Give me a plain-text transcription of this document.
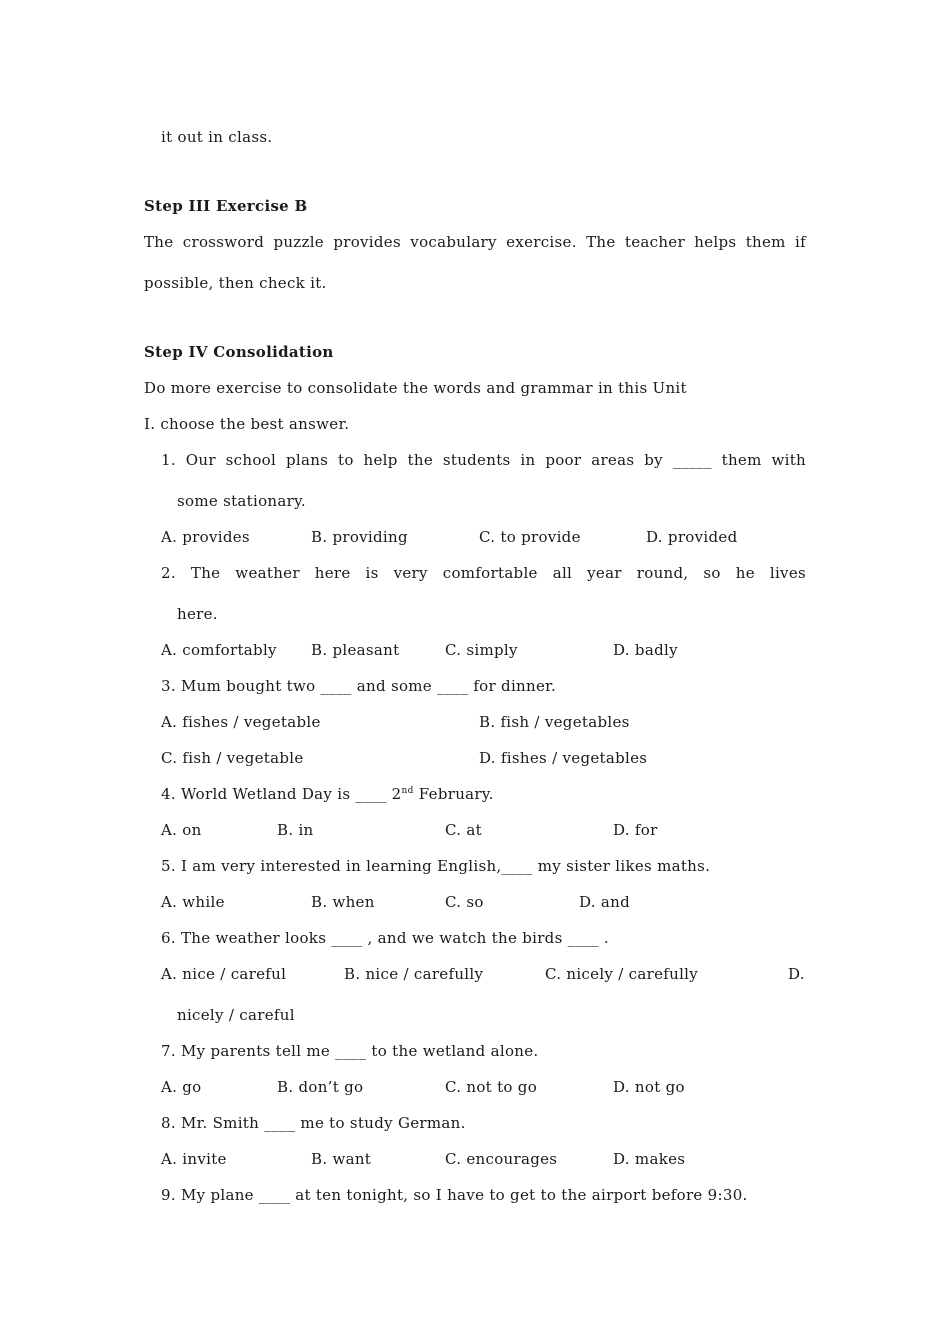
it out in class.
Step III Exercise B
The crossword puzzle provides vocabulary exercise. The teacher helps them if
possible, then check it.
Step IV Consolidation
Do more exercise to consolidate the words and grammar in this Unit
I. choose the best answer.
1. Our school plans to help the students in poor areas by _____ them with
some stationary.

A. provides

	B. providing

	C. to provide

	D. provided

2. The weather here is very comfortable all year round, so he lives
here.

A. comfortably

B. pleasant

	C. simply

	D. badly

3. Mum bought two ____ and some ____ for dinner.

A. fishes / vegetable

	B. fish / vegetables

C. fish / vegetable

	D. fishes / vegetables

4. World Wetland Day is ____ 2nd February.

A. on

	B. in

	C. at

	D. for

5. I am very interested in learning English,____ my sister likes maths.

A. while

	B. when

	C. so

	D. and

6. The weather looks ____ , and we watch the birds ____ .

A. nice / careful

	B. nice / carefully

	C. nicely / carefully

	D.

nicely / careful
7. My parents tell me ____ to the wetland alone.

A. go

	B. don’t go

	C. not to go

	D. not go

8. Mr. Smith ____ me to study German.

A. invite

	B. want

	C. encourages

	D. makes

9. My plane ____ at ten tonight, so I have to get to the airport before 9:30.
